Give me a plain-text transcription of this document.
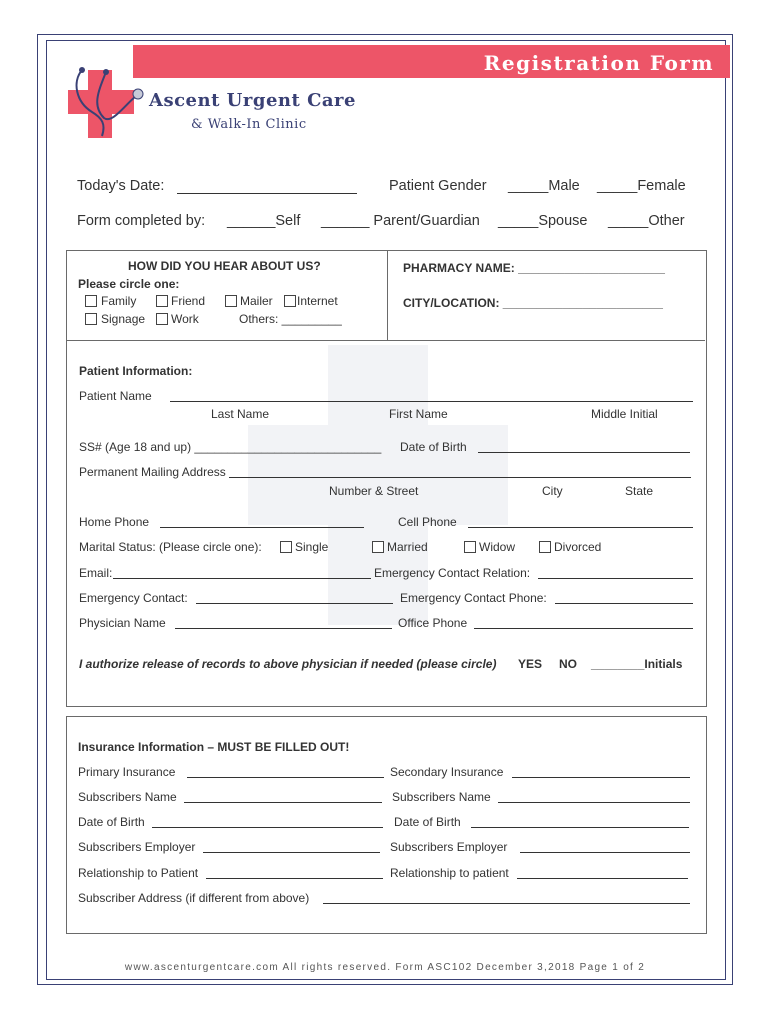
Registration Form
Ascent Urgent Care
& Walk-In Clinic
Today's Date:	Patient Gender _____Male _____Female
Form completed by: ______Self ______ Parent/Guardian _____Spouse _____Other
HOW DID YOU HEAR ABOUT US?
Please circle one:
Family	Friend	Mailer Internet
Signage Work	Others: _________
PHARMACY NAME: ______________________
CITY/LOCATION: ________________________
Patient Information:
Patient Name
Last Name	First Name	Middle Initial
SS# (Age 18 and up) ____________________________ Date of Birth
Permanent Mailing Address
Number & Street	City	State
Home Phone	Cell Phone
Marital Status: (Please circle one):	Single	Married	Widow	Divorced
Email:	Emergency Contact Relation:
Emergency Contact:	Emergency Contact Phone:
Physician Name	Office Phone
I authorize release of records to above physician if needed (please circle) YES NO ________Initials
Insurance Information – MUST BE FILLED OUT!
Primary Insurance	Secondary Insurance
Subscribers Name	Subscribers Name
Date of Birth	Date of Birth
Subscribers Employer	Subscribers Employer
Relationship to Patient	Relationship to patient
Subscriber Address (if different from above)
www.ascenturgentcare.com All rights reserved. Form ASC102 December 3,2018 Page 1 of 2
